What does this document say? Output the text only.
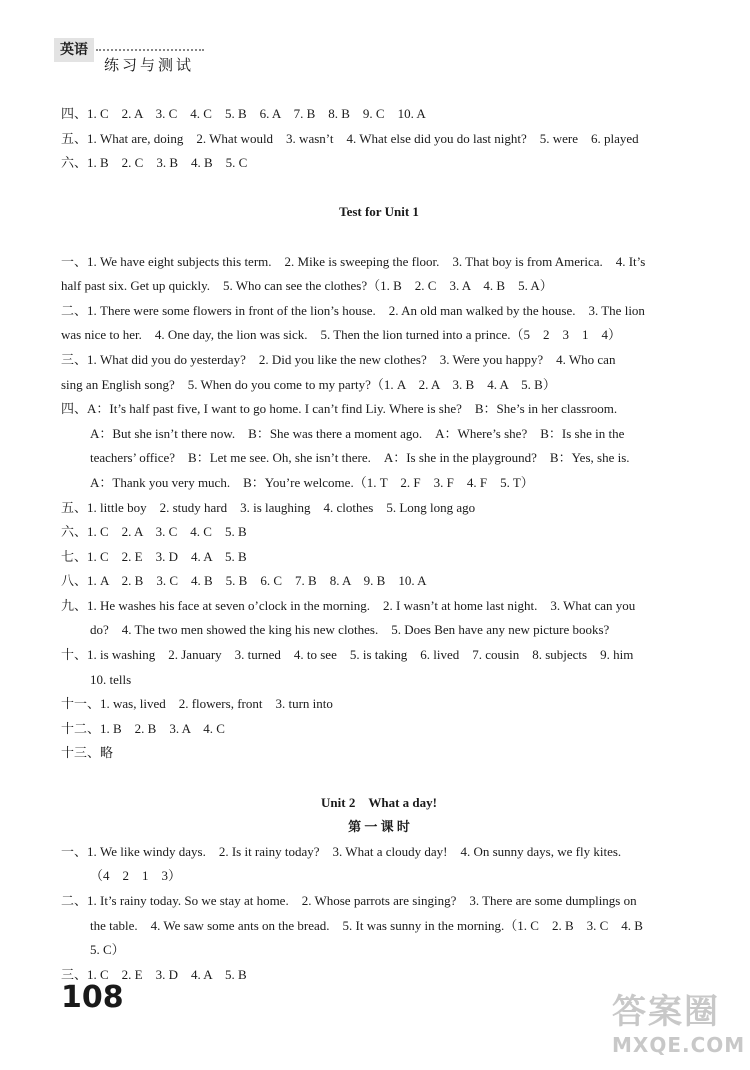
英语
练习与测试
四、1. C　2. A　3. C　4. C　5. B　6. A　7. B　8. B　9. C　10. A
五、1. What are, doing　2. What would　3. wasn’t　4. What else did you do last night?　5. were　6. played
六、1. B　2. C　3. B　4. B　5. C
Test for Unit 1
一、1. We have eight subjects this term.　2. Mike is sweeping the floor.　3. That boy is from America.　4. It’s
half past six. Get up quickly.　5. Who can see the clothes?（1. B　2. C　3. A　4. B　5. A）
二、1. There were some flowers in front of the lion’s house.　2. An old man walked by the house.　3. The lion
was nice to her.　4. One day, the lion was sick.　5. Then the lion turned into a prince.（5　2　3　1　4）
三、1. What did you do yesterday?　2. Did you like the new clothes?　3. Were you happy?　4. Who can
sing an English song?　5. When do you come to my party?（1. A　2. A　3. B　4. A　5. B）
四、A：It’s half past five, I want to go home. I can’t find Liy. Where is she?　B：She’s in her classroom.
A：But she isn’t there now.　B：She was there a moment ago.　A：Where’s she?　B：Is she in the
teachers’ office?　B：Let me see. Oh, she isn’t there.　A：Is she in the playground?　B：Yes, she is.
A：Thank you very much.　B：You’re welcome.（1. T　2. F　3. F　4. F　5. T）
五、1. little boy　2. study hard　3. is laughing　4. clothes　5. Long long ago
六、1. C　2. A　3. C　4. C　5. B
七、1. C　2. E　3. D　4. A　5. B
八、1. A　2. B　3. C　4. B　5. B　6. C　7. B　8. A　9. B　10. A
九、1. He washes his face at seven o’clock in the morning.　2. I wasn’t at home last night.　3. What can you
do?　4. The two men showed the king his new clothes.　5. Does Ben have any new picture books?
十、1. is washing　2. January　3. turned　4. to see　5. is taking　6. lived　7. cousin　8. subjects　9. him
10. tells
十一、1. was, lived　2. flowers, front　3. turn into
十二、1. B　2. B　3. A　4. C
十三、略
Unit 2　What a day!
第 一 课 时
一、1. We like windy days.　2. Is it rainy today?　3. What a cloudy day!　4. On sunny days, we fly kites.
（4　2　1　3）
二、1. It’s rainy today. So we stay at home.　2. Whose parrots are singing?　3. There are some dumplings on
the table.　4. We saw some ants on the bread.　5. It was sunny in the morning.（1. C　2. B　3. C　4. B
5. C）
三、1. C　2. E　3. D　4. A　5. B
108	答案圈
MXQE.COM
